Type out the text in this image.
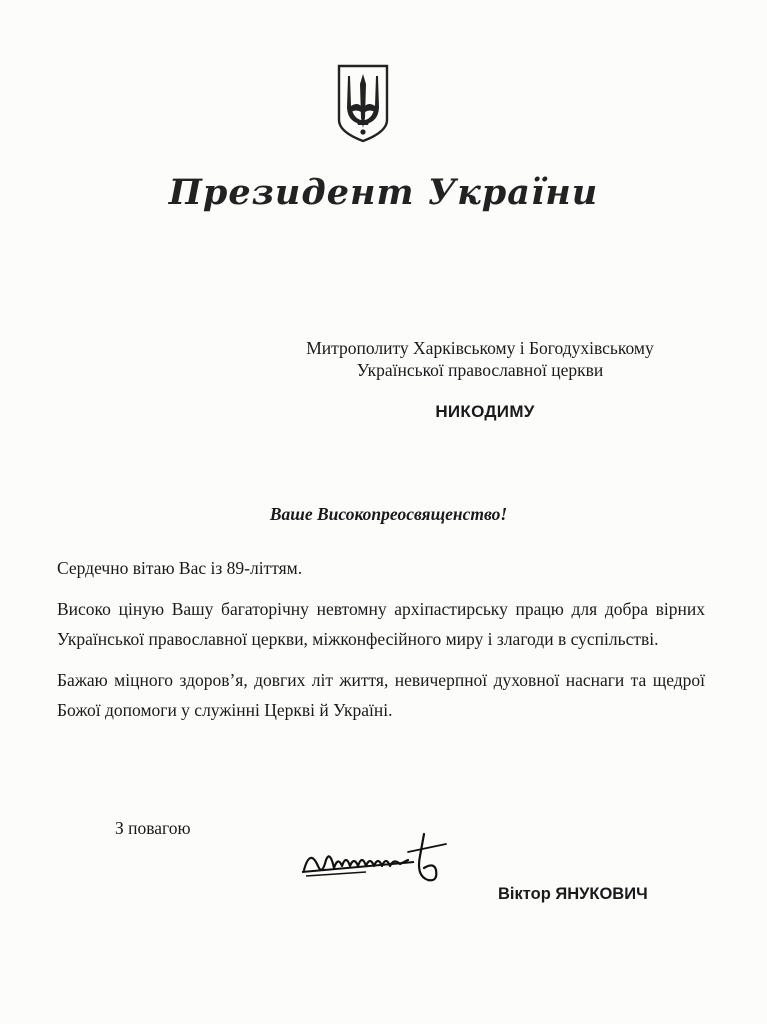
Президент України
Митрополиту Харківському і Богодухівському
Української православної церкви
НИКОДИМУ
Ваше Високопреосвященство!

Сердечно вітаю Вас із 89-літтям.

Високо ціную Вашу багаторічну невтомну архіпастирську працю для добра вірних Української православної церкви, міжконфесійного миру і злагоди в суспільстві.

Бажаю міцного здоров’я, довгих літ життя, невичерпної духовної наснаги та щедрої Божої допомоги у служінні Церкві й Україні.

З повагою
Віктор ЯНУКОВИЧ
